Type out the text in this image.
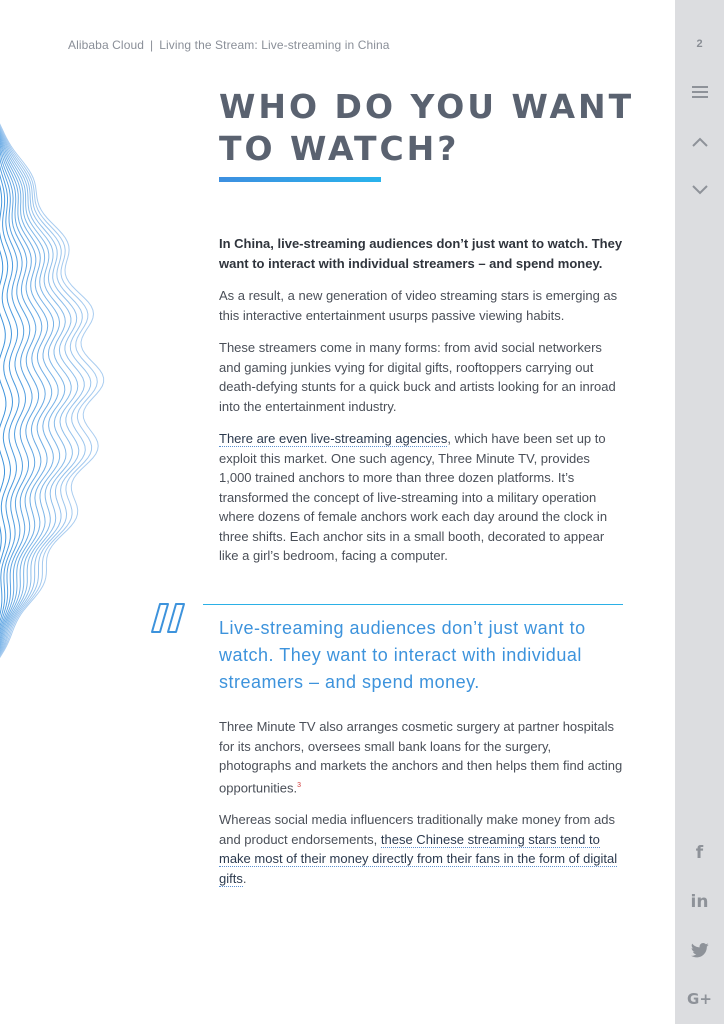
Alibaba Cloud | Living the Stream: Live-streaming in China
WHO DO YOU WANT
TO WATCH?

In China, live-streaming audiences don’t just want to watch. They want to interact with individual streamers – and spend money.

As a result, a new generation of video streaming stars is emerging as this interactive entertainment usurps passive viewing habits.

These streamers come in many forms: from avid social networkers and gaming junkies vying for digital gifts, rooftoppers carrying out death-defying stunts for a quick buck and artists looking for an inroad into the entertainment industry.

There are even live-streaming agencies, which have been set up to exploit this market. One such agency, Three Minute TV, provides 1,000 trained anchors to more than three dozen platforms. It’s transformed the concept of live-streaming into a military operation where dozens of female anchors work each day around the clock in three shifts. Each anchor sits in a small booth, decorated to appear like a girl’s bedroom, facing a computer.

Live-streaming audiences don’t just want to watch. They want to interact with individual streamers – and spend money.

Three Minute TV also arranges cosmetic surgery at partner hospitals for its anchors, oversees small bank loans for the surgery, photographs and markets the anchors and then helps them find acting opportunities.$^3$

Whereas social media influencers traditionally make money from ads and product endorsements, these Chinese streaming stars tend to make most of their money directly from their fans in the form of digital gifts.

2
f
in
G+
